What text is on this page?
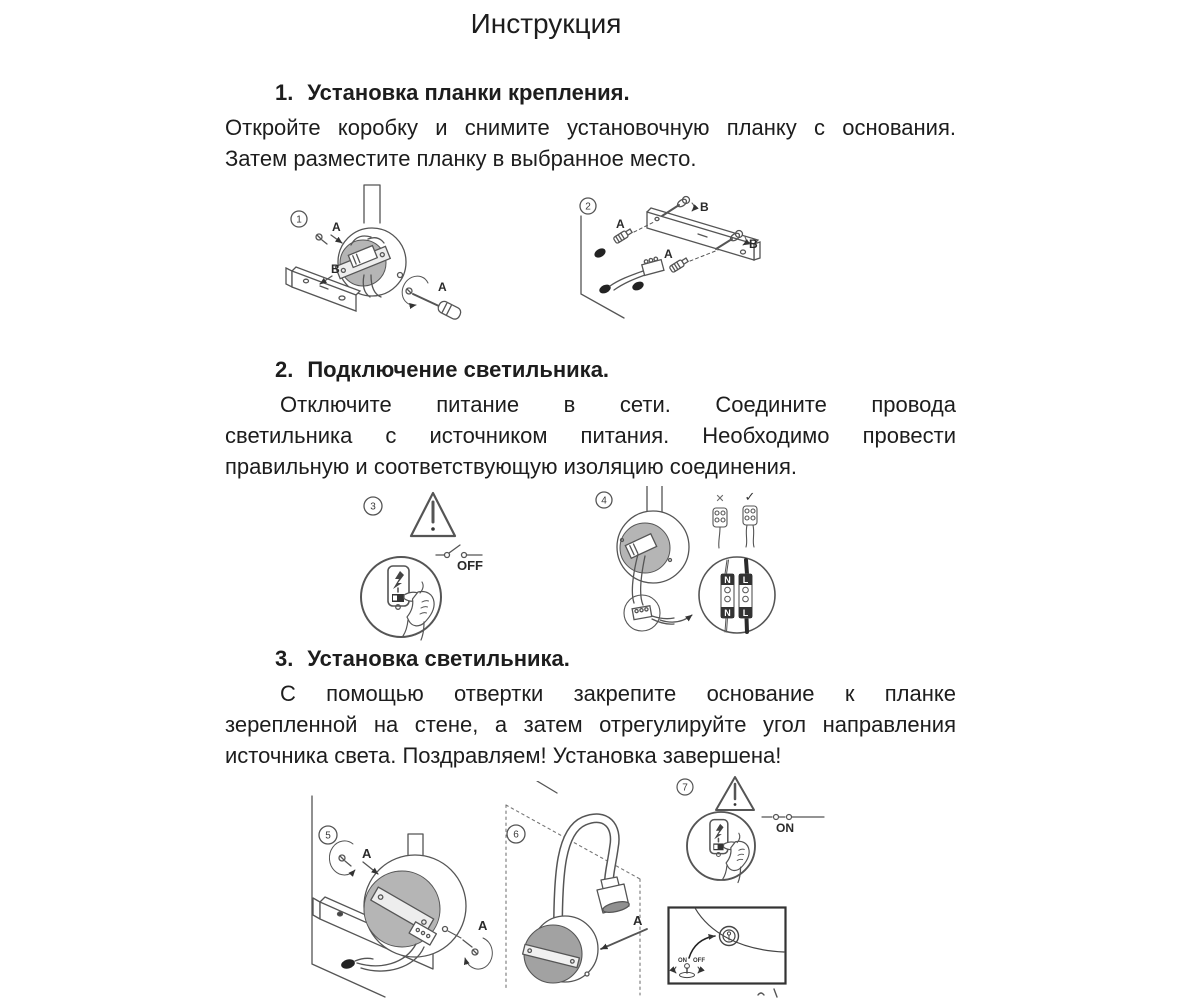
Инструкция
1. Установка планки крепления.
Откройте коробку и снимите установочную планку с основания.
Затем разместите планку в выбранное место.
1	A
B
A
2
A
A
B
B
2. Подключение светильника.
Отключите питание в сети. Соедините провода
светильника с источником питания. Необходимо провести
правильную и соответствующую изоляцию соединения.
3
OFF
4	✕ ✓
N
N
L
L
3. Установка светильника.
С помощью отвертки закрепите основание к планке
зерепленной на стене, а затем отрегулируйте угол направления
источника света. Поздравляем! Установка завершена!
5
A
A
6
A
7
ON
ON OFF
